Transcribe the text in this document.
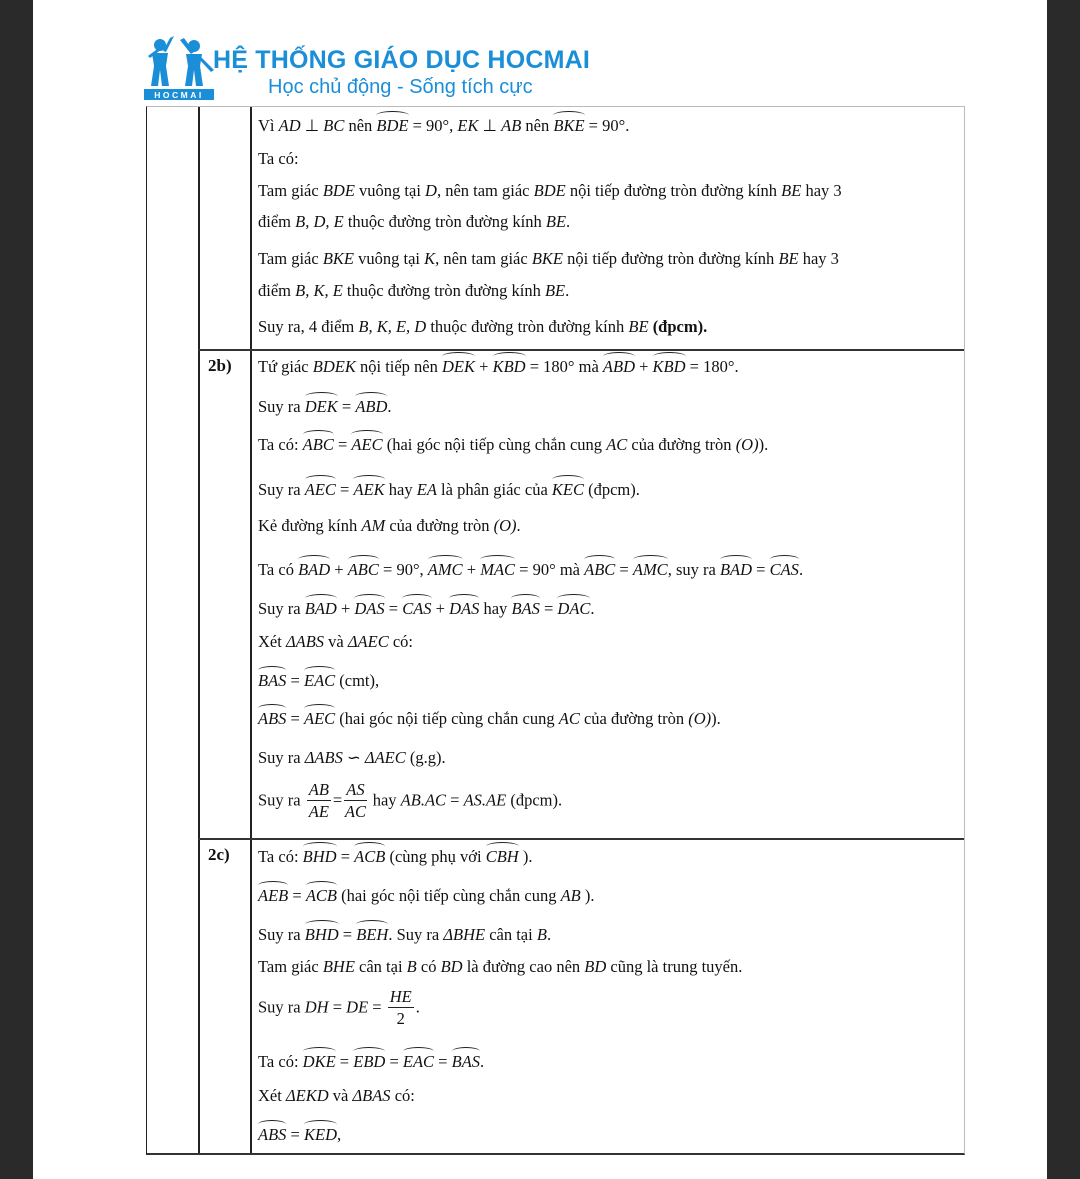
HOCMAI
HỆ THỐNG GIÁO DỤC HOCMAI
Học chủ động - Sống tích cực
2b)
2c)
Vì AD ⊥ BC nên BDE = 90°, EK ⊥ AB nên BKE = 90°.
Ta có:
Tam giác BDE vuông tại D, nên tam giác BDE nội tiếp đường tròn đường kính BE hay 3
điểm B, D, E thuộc đường tròn đường kính BE.
Tam giác BKE vuông tại K, nên tam giác BKE nội tiếp đường tròn đường kính BE hay 3
điểm B, K, E thuộc đường tròn đường kính BE.
Suy ra, 4 điểm B, K, E, D thuộc đường tròn đường kính BE (đpcm).
Tứ giác BDEK nội tiếp nên DEK + KBD = 180° mà ABD + KBD = 180°.
Suy ra DEK = ABD.
Ta có: ABC = AEC (hai góc nội tiếp cùng chắn cung AC của đường tròn (O)).
Suy ra AEC = AEK hay EA là phân giác của KEC (đpcm).
Kẻ đường kính AM của đường tròn (O).
Ta có BAD + ABC = 90°, AMC + MAC = 90° mà ABC = AMC, suy ra BAD = CAS.
Suy ra BAD + DAS = CAS + DAS hay BAS = DAC.
Xét ΔABS và ΔAEC có:
BAS = EAC (cmt),
ABS = AEC (hai góc nội tiếp cùng chắn cung AC của đường tròn (O)).
Suy ra ΔABS ∽ ΔAEC (g.g).
Suy ra $\frac{AB}{AE} = \frac{AS}{AC}$ hay AB.AC = AS.AE (đpcm).
Ta có: BHD = ACB (cùng phụ với CBH ).
AEB = ACB (hai góc nội tiếp cùng chắn cung AB ).
Suy ra BHD = BEH. Suy ra ΔBHE cân tại B.
Tam giác BHE cân tại B có BD là đường cao nên BD cũng là trung tuyến.
Suy ra DH = DE = $\frac{HE}{2}$ .
Ta có: DKE = EBD = EAC = BAS.
Xét ΔEKD và ΔBAS có:
ABS = KED,
